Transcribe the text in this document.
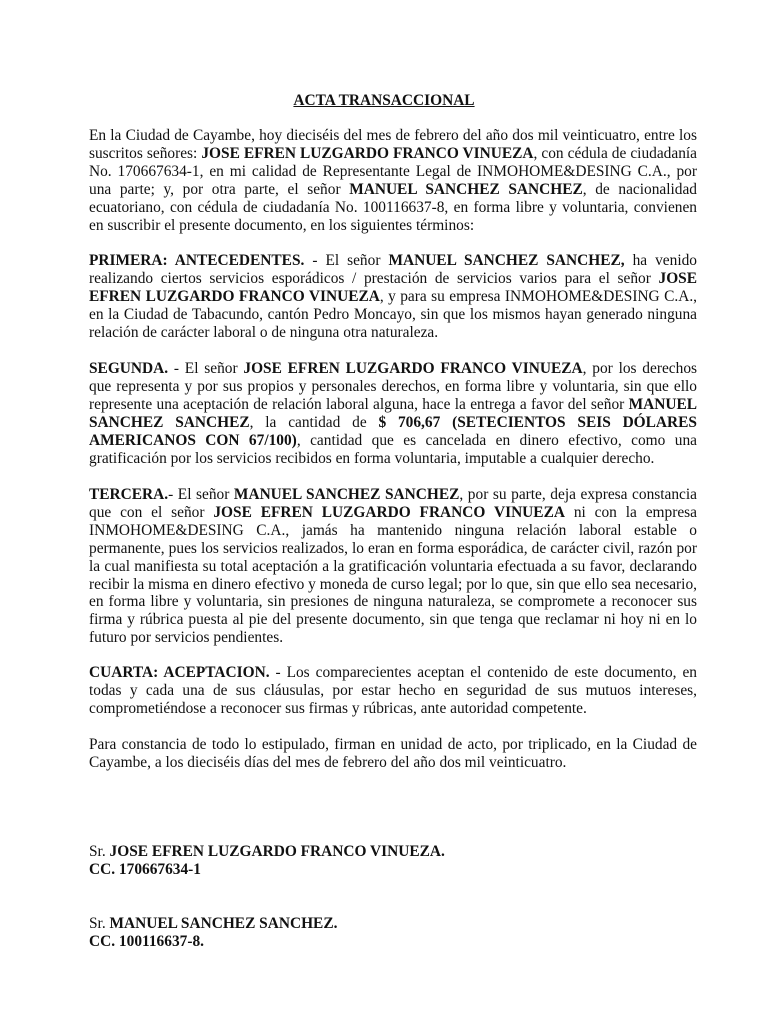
ACTA TRANSACCIONAL

En la Ciudad de Cayambe, hoy dieciséis del mes de febrero del año dos mil veinticuatro, entre los suscritos señores: JOSE EFREN LUZGARDO FRANCO VINUEZA, con cédula de ciudadanía No. 170667634-1, en mi calidad de Representante Legal de INMOHOME&DESING C.A., por una parte; y, por otra parte, el señor MANUEL SANCHEZ SANCHEZ, de nacionalidad ecuatoriano, con cédula de ciudadanía No. 100116637-8, en forma libre y voluntaria, convienen en suscribir el presente documento, en los siguientes términos:

PRIMERA: ANTECEDENTES. - El señor MANUEL SANCHEZ SANCHEZ, ha venido realizando ciertos servicios esporádicos / prestación de servicios varios para el señor JOSE EFREN LUZGARDO FRANCO VINUEZA, y para su empresa INMOHOME&DESING C.A., en la Ciudad de Tabacundo, cantón Pedro Moncayo, sin que los mismos hayan generado ninguna relación de carácter laboral o de ninguna otra naturaleza.

SEGUNDA. - El señor JOSE EFREN LUZGARDO FRANCO VINUEZA, por los derechos que representa y por sus propios y personales derechos, en forma libre y voluntaria, sin que ello represente una aceptación de relación laboral alguna, hace la entrega a favor del señor MANUEL SANCHEZ SANCHEZ, la cantidad de $ 706,67 (SETECIENTOS SEIS DÓLARES AMERICANOS CON 67/100), cantidad que es cancelada en dinero efectivo, como una gratificación por los servicios recibidos en forma voluntaria, imputable a cualquier derecho.

TERCERA.- El señor MANUEL SANCHEZ SANCHEZ, por su parte, deja expresa constancia que con el señor JOSE EFREN LUZGARDO FRANCO VINUEZA ni con la empresa INMOHOME&DESING C.A., jamás ha mantenido ninguna relación laboral estable o permanente, pues los servicios realizados, lo eran en forma esporádica, de carácter civil, razón por la cual manifiesta su total aceptación a la gratificación voluntaria efectuada a su favor, declarando recibir la misma en dinero efectivo y moneda de curso legal; por lo que, sin que ello sea necesario, en forma libre y voluntaria, sin presiones de ninguna naturaleza, se compromete a reconocer sus firma y rúbrica puesta al pie del presente documento, sin que tenga que reclamar ni hoy ni en lo futuro por servicios pendientes.

CUARTA: ACEPTACION. - Los comparecientes aceptan el contenido de este documento, en todas y cada una de sus cláusulas, por estar hecho en seguridad de sus mutuos intereses, comprometiéndose a reconocer sus firmas y rúbricas, ante autoridad competente.

Para constancia de todo lo estipulado, firman en unidad de acto, por triplicado, en la Ciudad de Cayambe, a los dieciséis días del mes de febrero del año dos mil veinticuatro.

Sr. JOSE EFREN LUZGARDO FRANCO VINUEZA.
CC. 170667634-1
Sr. MANUEL SANCHEZ SANCHEZ.
CC. 100116637-8.
